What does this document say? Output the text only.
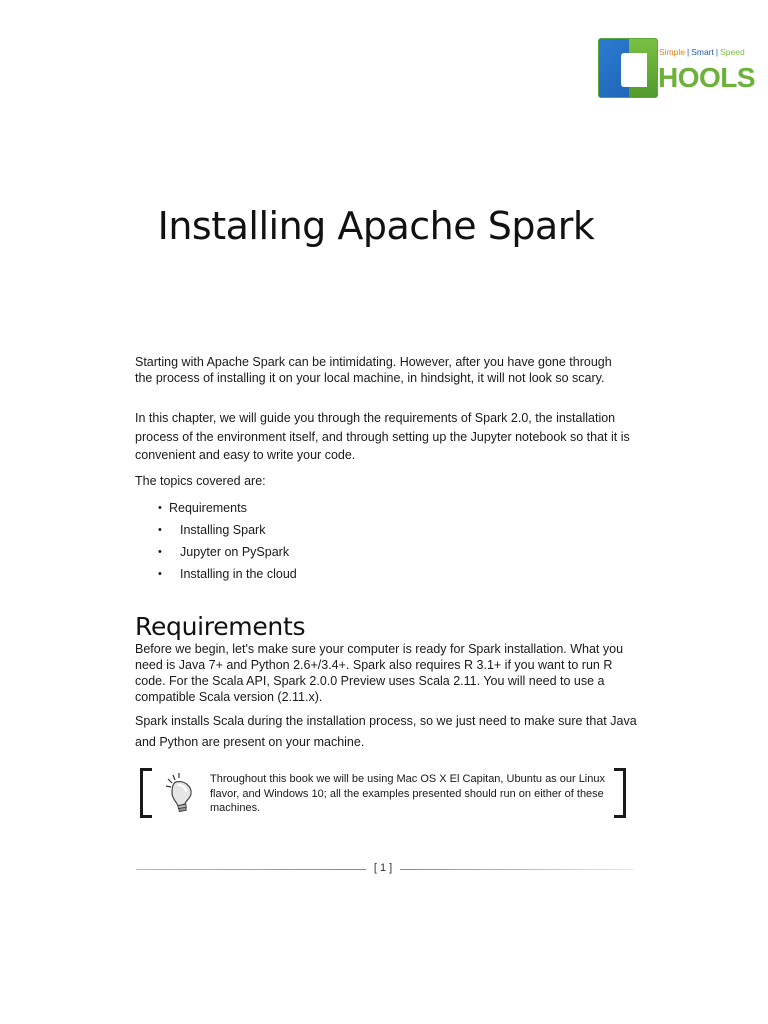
Simple | Smart | Speed
HOOLS
Installing Apache Spark

Starting with Apache Spark can be intimidating. However, after you have gone through the process of installing it on your local machine, in hindsight, it will not look so scary.

In this chapter, we will guide you through the requirements of Spark 2.0, the installation process of the environment itself, and through setting up the Jupyter notebook so that it is convenient and easy to write your code.

The topics covered are:

• Requirements
• Installing Spark
• Jupyter on PySpark
• Installing in the cloud
Requirements

Before we begin, let's make sure your computer is ready for Spark installation. What you need is Java 7+ and Python 2.6+/3.4+. Spark also requires R 3.1+ if you want to run R code. For the Scala API, Spark 2.0.0 Preview uses Scala 2.11. You will need to use a compatible Scala version (2.11.x).

Spark installs Scala during the installation process, so we just need to make sure that Java and Python are present on your machine.

Throughout this book we will be using Mac OS X El Capitan, Ubuntu as our Linux flavor, and Windows 10; all the examples presented should run on either of these machines.

[ 1 ]
